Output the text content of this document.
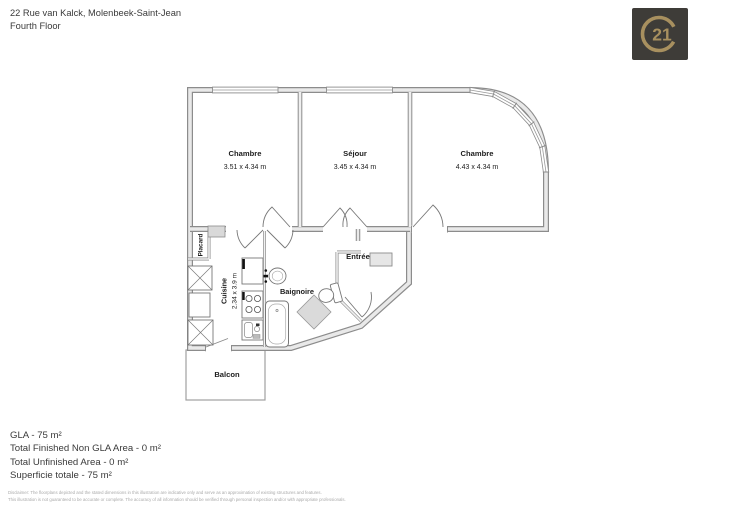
22 Rue van Kalck, Molenbeek-Saint-Jean
Fourth Floor	21
Chambre
3.51 x 4.34 m
Séjour
3.45 x 4.34 m
Chambre
4.43 x 4.34 m
Entrée
Baignoire
Placard
Cuisine 2.34 x 3.9 m
Balcon
GLA - 75 m²
Total Finished Non GLA Area - 0 m²
Total Unfinished Area - 0 m²
Superficie totale - 75 m²
Disclaimer: The floorplans depicted and the stated dimensions in this illustration are indicative only and serve as an approximation of existing structures and features.
This illustration is not guaranteed to be accurate or complete. The accuracy of all information should be verified through personal inspection and/or with appropriate professionals.
